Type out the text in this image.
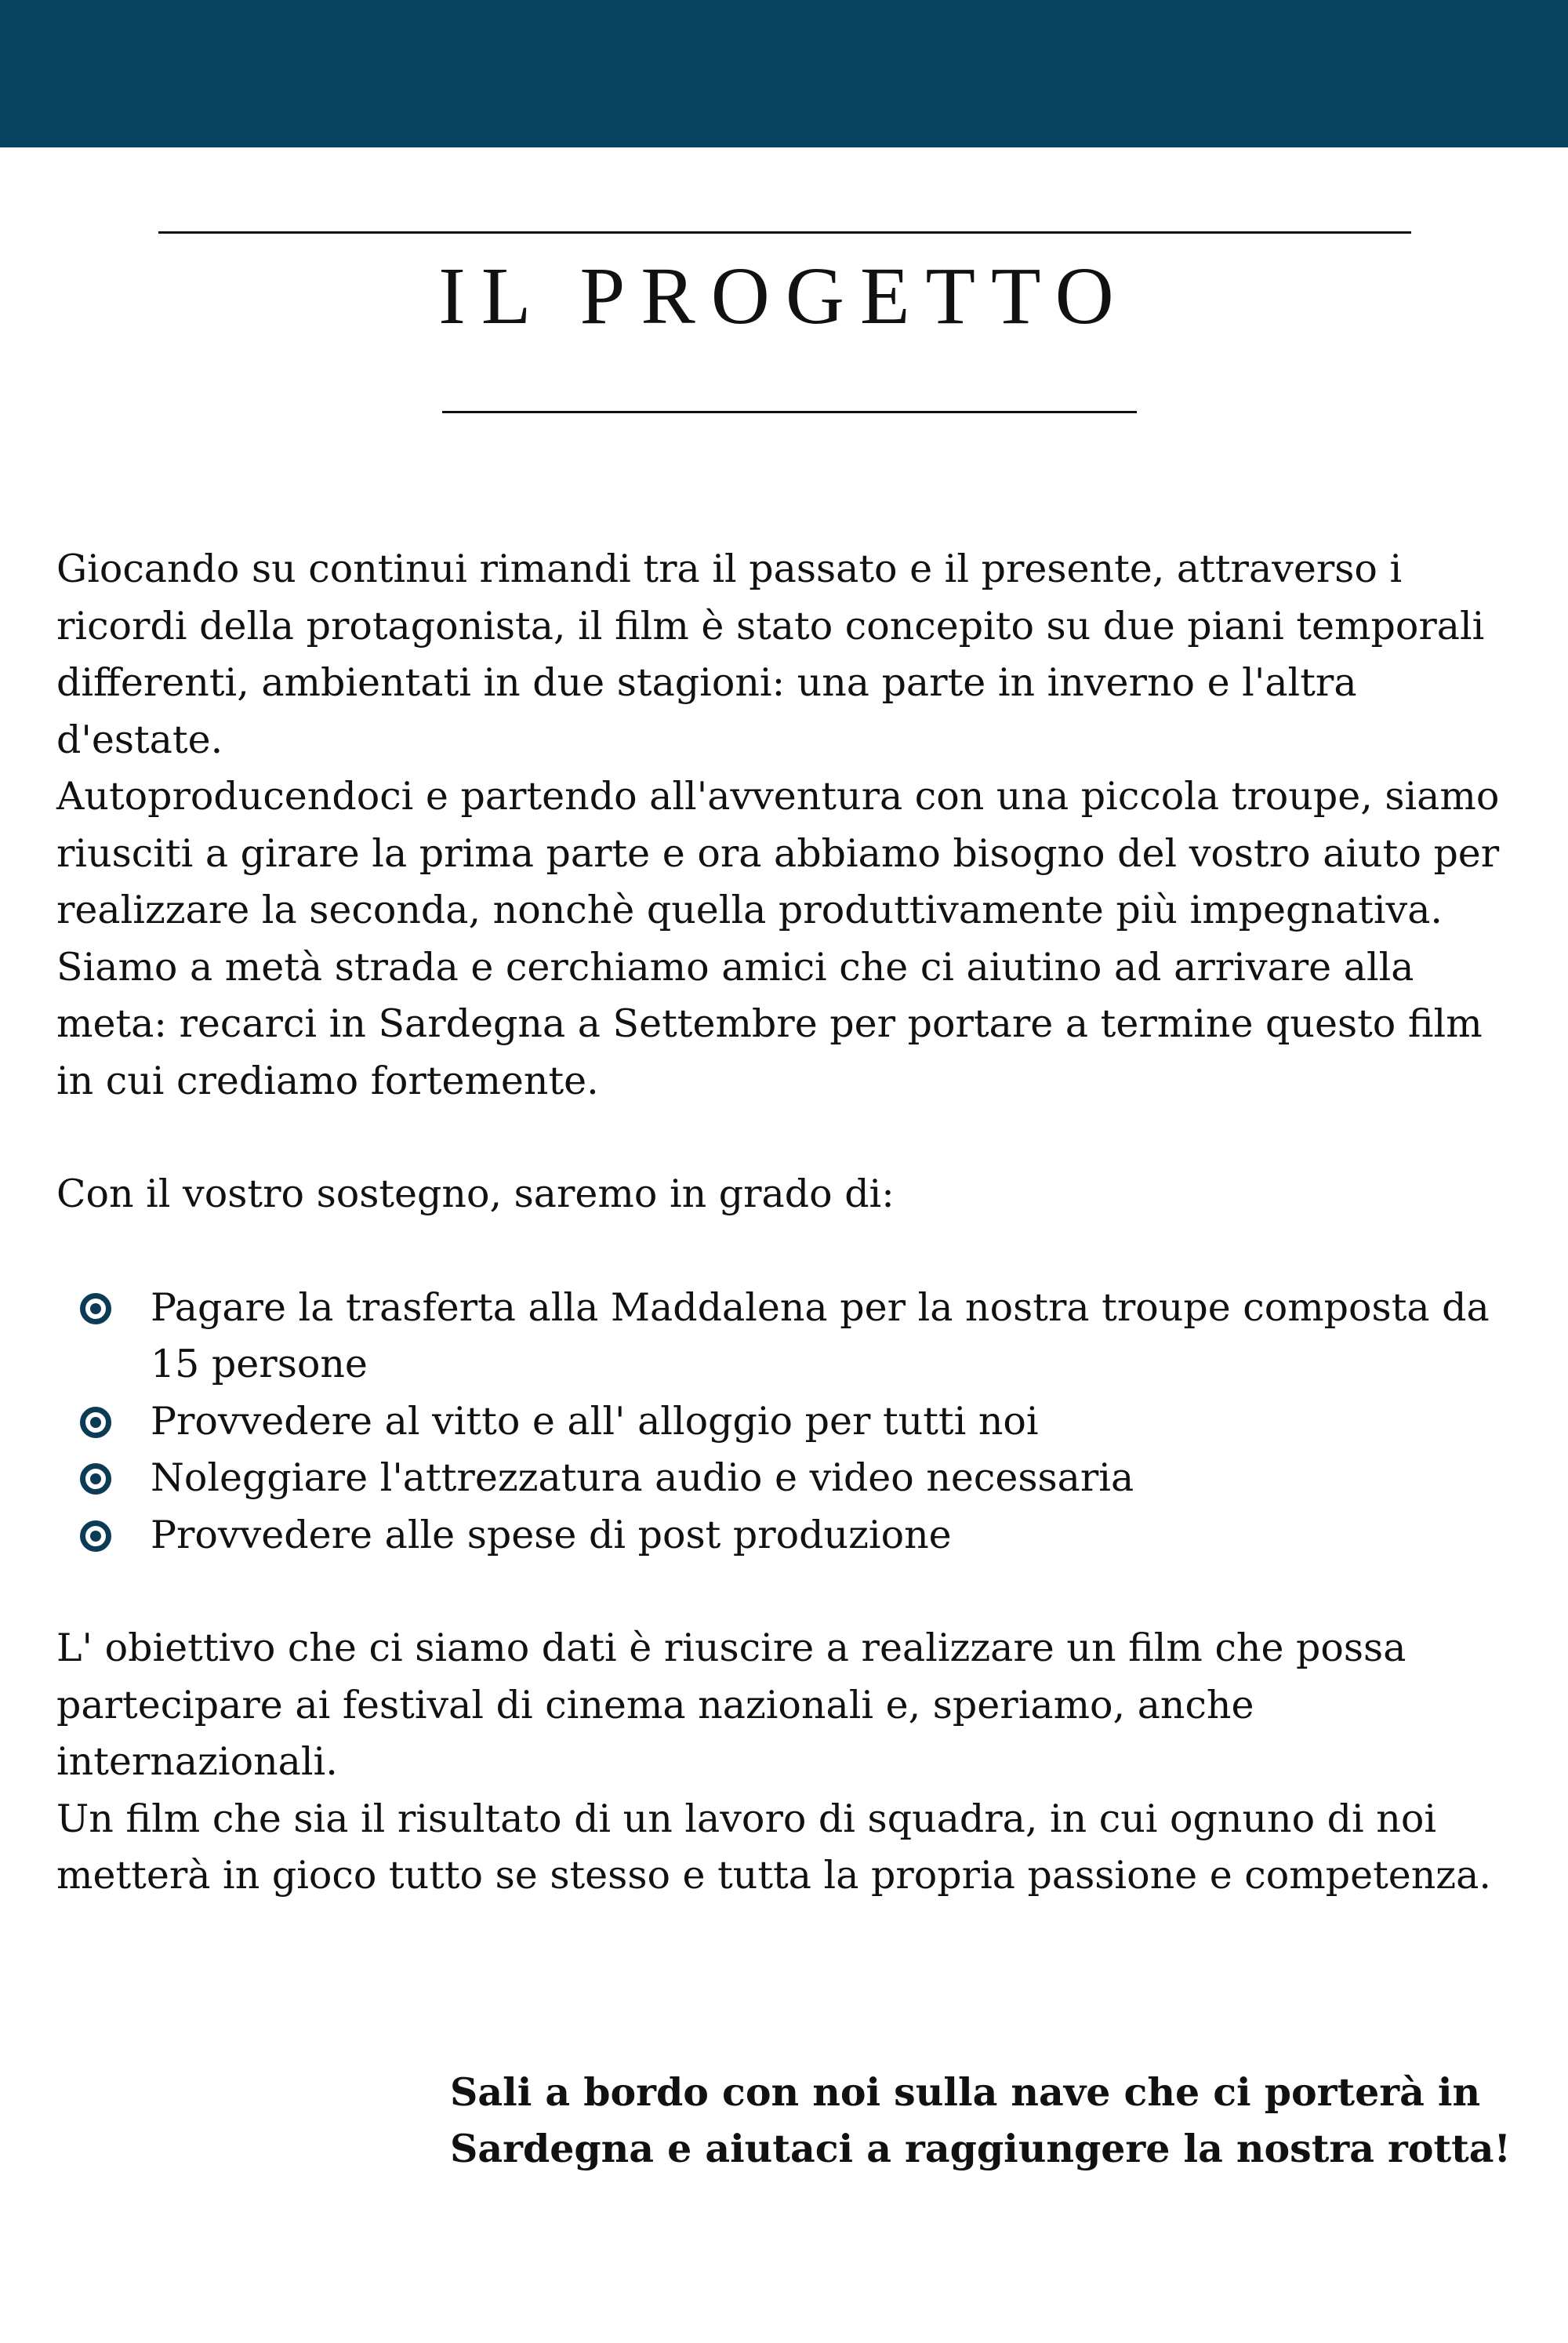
IL PROGETTO

Giocando su continui rimandi tra il passato e il presente, attraverso i ricordi della protagonista, il film è stato concepito su due piani temporali differenti, ambientati in due stagioni: una parte in inverno e l'altra d'estate.

Autoproducendoci e partendo all'avventura con una piccola troupe, siamo riusciti a girare la prima parte e ora abbiamo bisogno del vostro aiuto per realizzare la seconda, nonchè quella produttivamente più impegnativa.

Siamo a metà strada e cerchiamo amici che ci aiutino ad arrivare alla meta: recarci in Sardegna a Settembre per portare a termine questo film in cui crediamo fortemente.

Con il vostro sostegno, saremo in grado di:

Pagare la trasferta alla Maddalena per la nostra troupe composta da 15 persone
Provvedere al vitto e all' alloggio per tutti noi
Noleggiare l'attrezzatura audio e video necessaria
Provvedere alle spese di post produzione

L' obiettivo che ci siamo dati è riuscire a realizzare un film che possa partecipare ai festival di cinema nazionali e, speriamo, anche internazionali.

Un film che sia il risultato di un lavoro di squadra, in cui ognuno di noi metterà in gioco tutto se stesso e tutta la propria passione e competenza.

Sali a bordo con noi sulla nave che ci porterà in Sardegna e aiutaci a raggiungere la nostra rotta!
